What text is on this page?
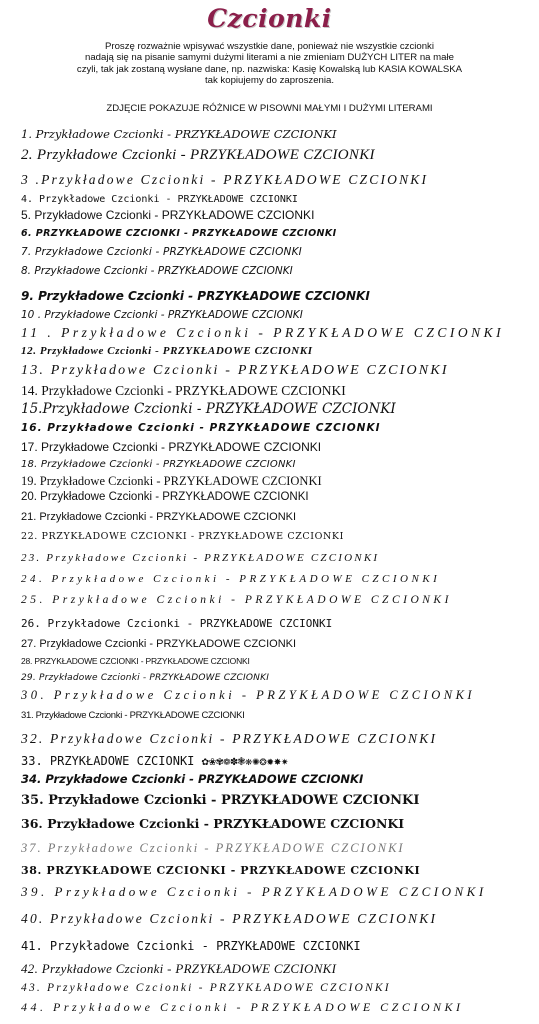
Czcionki
Proszę rozważnie wpisywać wszystkie dane, ponieważ nie wszystkie czcionki
nadają się na pisanie samymi dużymi literami a nie zmieniam DUŻYCH LITER na małe
czyli, tak jak zostaną wysłane dane, np. nazwiska: Kasię Kowalską lub KASIA KOWALSKA
tak kopiujemy do zaproszenia.
ZDJĘCIE POKAZUJE RÓŻNICE W PISOWNI MAŁYMI I DUŻYMI LITERAMI
1. Przykładowe Czcionki - PRZYKŁADOWE CZCIONKI
2. Przykładowe Czcionki - PRZYKŁADOWE CZCIONKI
3 .Przykładowe Czcionki - PRZYKŁADOWE CZCIONKI
4. Przykładowe Czcionki - PRZYKŁADOWE CZCIONKI
5. Przykładowe Czcionki - PRZYKŁADOWE CZCIONKI
6. PRZYKŁADOWE CZCIONKI - PRZYKŁADOWE CZCIONKI
7. Przykładowe Czcionki - PRZYKŁADOWE CZCIONKI
8. Przykładowe Czcionki - PRZYKŁADOWE CZCIONKI
9. Przykładowe Czcionki - PRZYKŁADOWE CZCIONKI
10 . Przykładowe Czcionki - PRZYKŁADOWE CZCIONKI
11 . Przykładowe Czcionki - PRZYKŁADOWE CZCIONKI
12. Przykładowe Czcionki - PRZYKŁADOWE CZCIONKI
13. Przykładowe Czcionki - PRZYKŁADOWE CZCIONKI
14. Przykładowe Czcionki - PRZYKŁADOWE CZCIONKI
15.Przykładowe Czcionki - PRZYKŁADOWE CZCIONKI
16. Przykładowe Czcionki - PRZYKŁADOWE CZCIONKI
17. Przykładowe Czcionki - PRZYKŁADOWE CZCIONKI
18. Przykładowe Czcionki - PRZYKŁADOWE CZCIONKI
19. Przykładowe Czcionki - PRZYKŁADOWE CZCIONKI
20. Przykładowe Czcionki - PRZYKŁADOWE CZCIONKI
21. Przykładowe Czcionki - PRZYKŁADOWE CZCIONKI
22. PRZYKŁADOWE CZCIONKI - PRZYKŁADOWE CZCIONKI
23. Przykładowe Czcionki - PRZYKŁADOWE CZCIONKI
24. Przykładowe Czcionki - PRZYKŁADOWE CZCIONKI
25. Przykładowe Czcionki - PRZYKŁADOWE CZCIONKI
26. Przykładowe Czcionki - PRZYKŁADOWE CZCIONKI
27. Przykładowe Czcionki - PRZYKŁADOWE CZCIONKI
28. PRZYKŁADOWE CZCIONKI - PRZYKŁADOWE CZCIONKI
29. Przykładowe Czcionki - PRZYKŁADOWE CZCIONKI
30. Przykładowe Czcionki - PRZYKŁADOWE CZCIONKI
31. Przykładowe Czcionki - PRZYKŁADOWE CZCIONKI
32. Przykładowe Czcionki - PRZYKŁADOWE CZCIONKI
33. PRZYKŁADOWE CZCIONKI ✿❀✾❁✽❃❋✺❂✹✸✷
34. Przykładowe Czcionki - PRZYKŁADOWE CZCIONKI
35. Przykładowe Czcionki - PRZYKŁADOWE CZCIONKI
36. Przykładowe Czcionki - PRZYKŁADOWE CZCIONKI
37. Przykładowe Czcionki - PRZYKŁADOWE CZCIONKI
38. PRZYKŁADOWE CZCIONKI - PRZYKŁADOWE CZCIONKI
39. Przykładowe Czcionki - PRZYKŁADOWE CZCIONKI
40. Przykładowe Czcionki - PRZYKŁADOWE CZCIONKI
41. Przykładowe Czcionki - PRZYKŁADOWE CZCIONKI
42. Przykładowe Czcionki - PRZYKŁADOWE CZCIONKI
43. Przykładowe Czcionki - PRZYKŁADOWE CZCIONKI
44. Przykładowe Czcionki - PRZYKŁADOWE CZCIONKI
